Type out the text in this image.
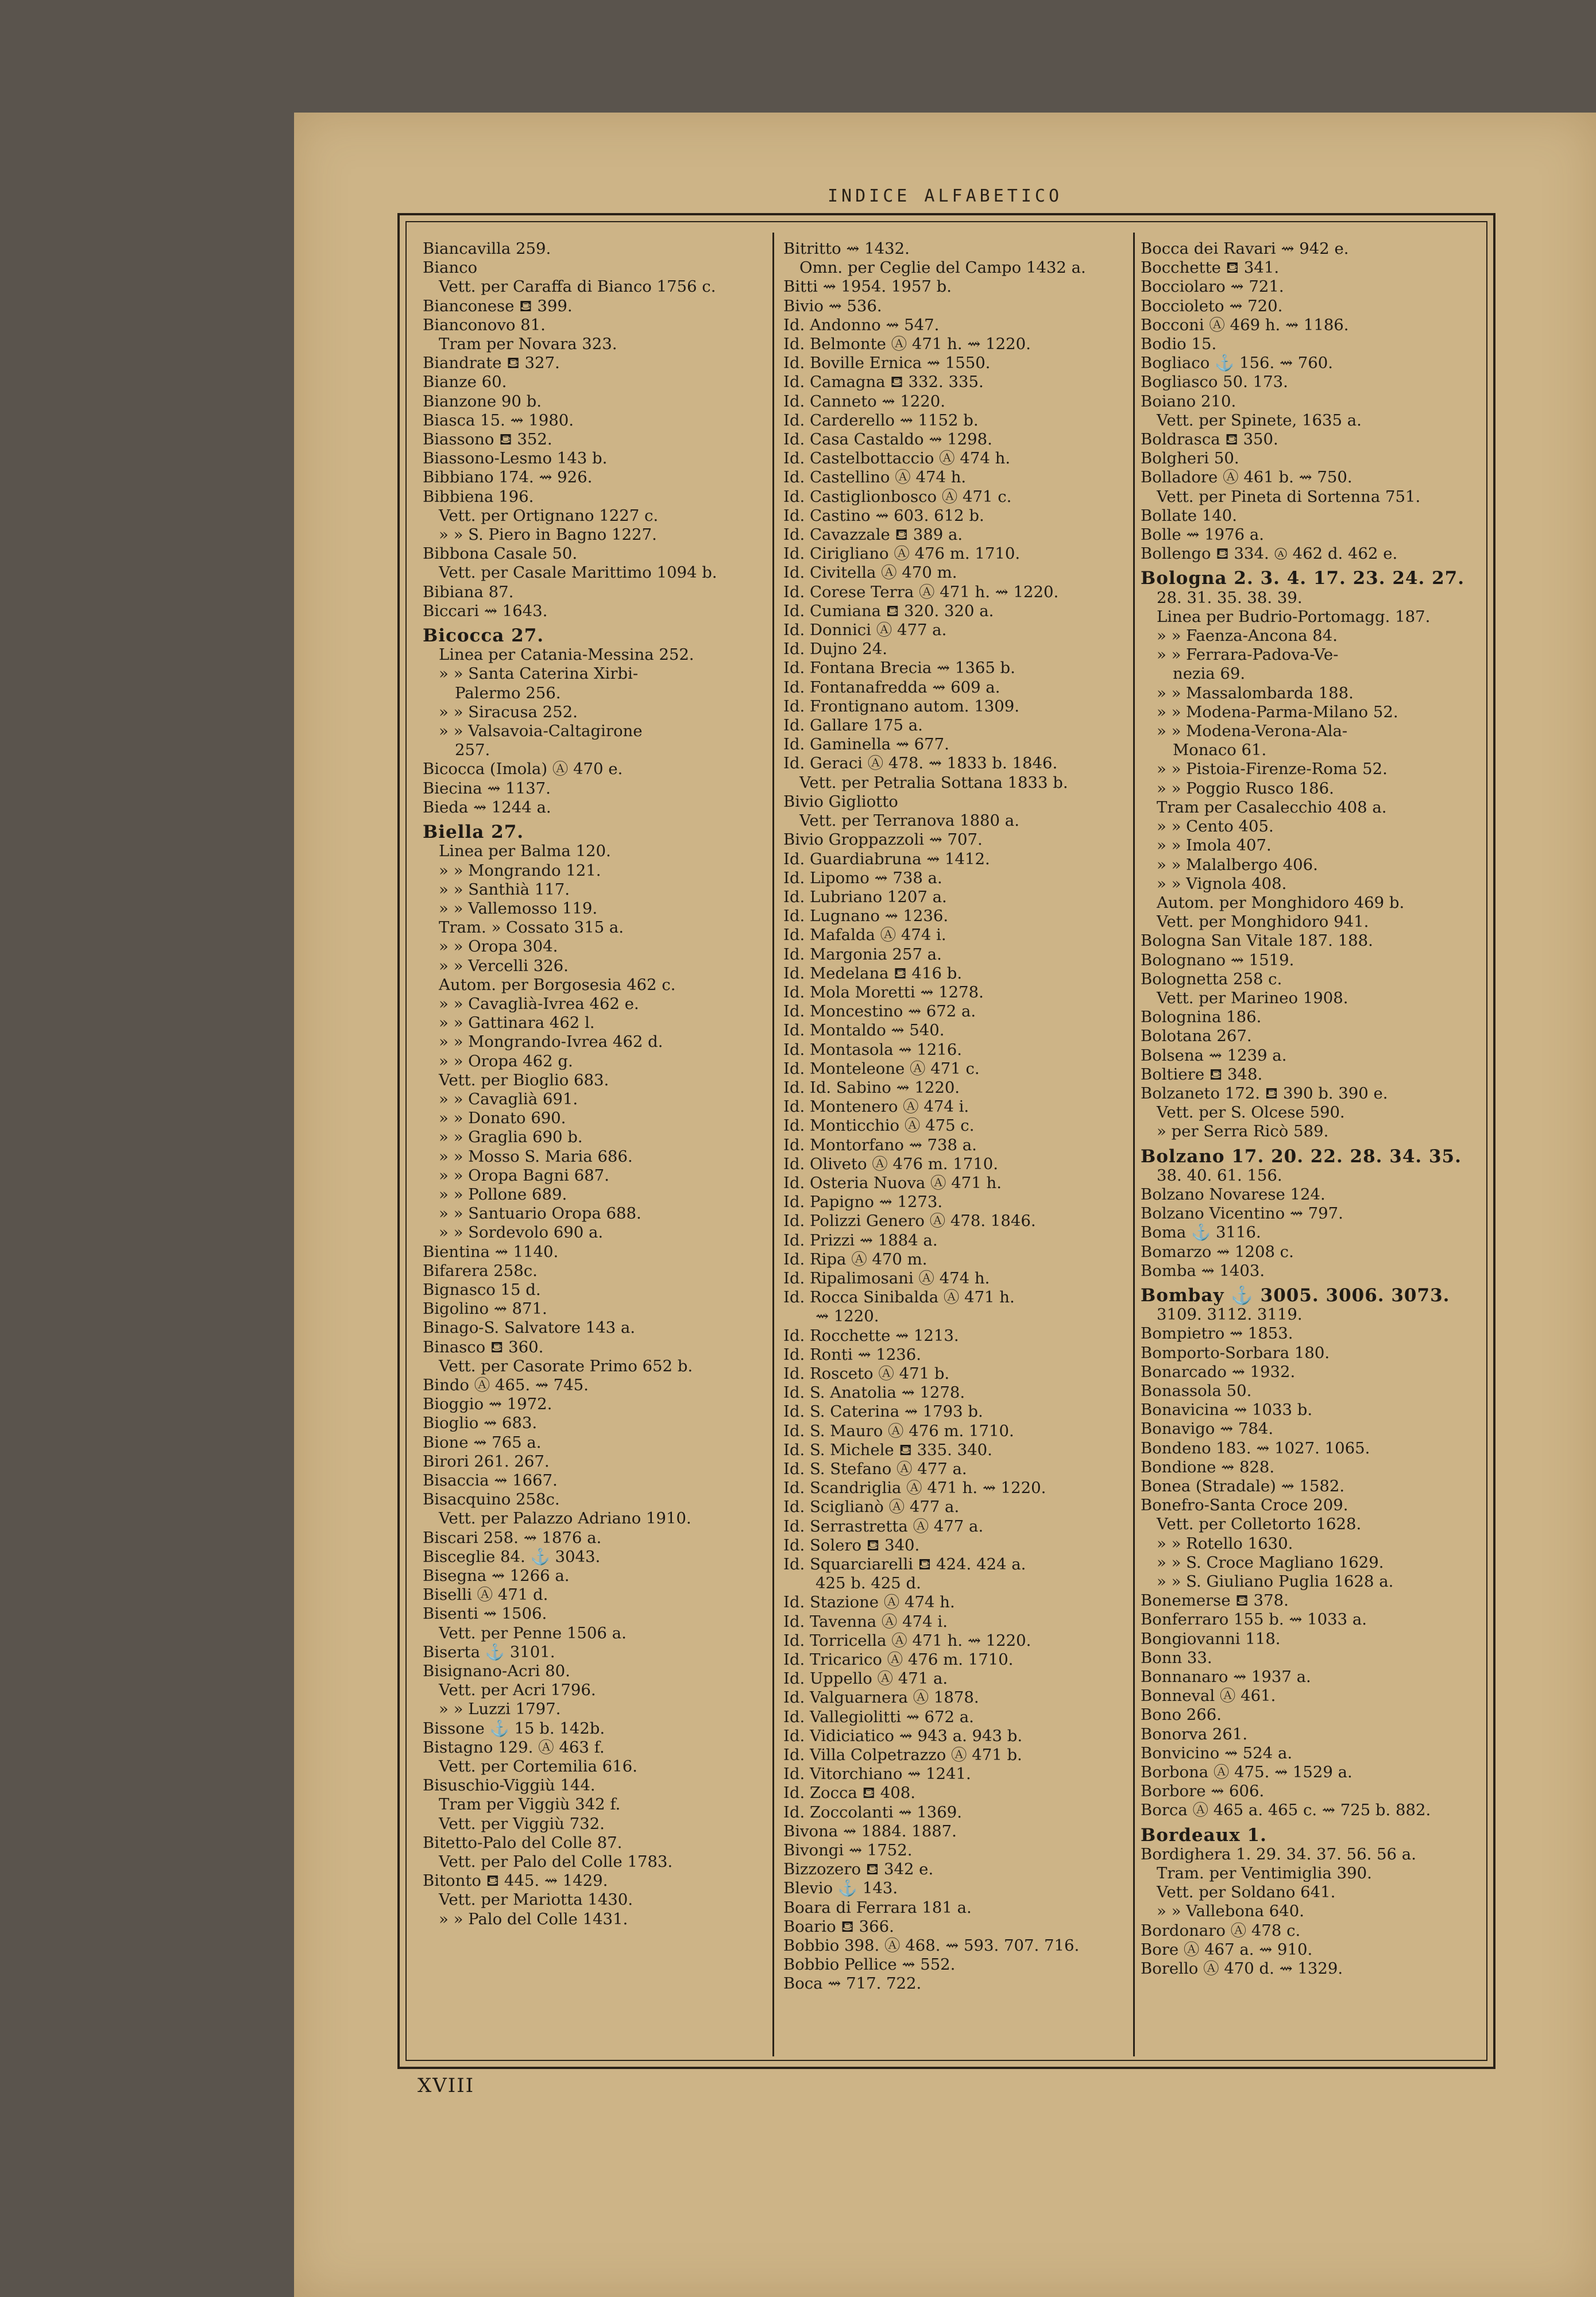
INDICE ALFABETICO
Biancavilla 259.
Bianco
Vett. per Caraffa di Bianco 1756 c.
Bianconese ⛾ 399.
Bianconovo 81.
Tram per Novara 323.
Biandrate ⛾ 327.
Bianze 60.
Bianzone 90 b.
Biasca 15. ⇝ 1980.
Biassono ⛾ 352.
Biassono-Lesmo 143 b.
Bibbiano 174. ⇝ 926.
Bibbiena 196.
Vett. per Ortignano 1227 c.
» » S. Piero in Bagno 1227.
Bibbona Casale 50.
Vett. per Casale Marittimo 1094 b.
Bibiana 87.
Biccari ⇝ 1643.
Bicocca 27.
Linea per Catania-Messina 252.
» » Santa Caterina Xirbi-
Palermo 256.
» » Siracusa 252.
» » Valsavoia-Caltagirone
257.
Bicocca (Imola) Ⓐ 470 e.
Biecina ⇝ 1137.
Bieda ⇝ 1244 a.
Biella 27.
Linea per Balma 120.
» » Mongrando 121.
» » Santhià 117.
» » Vallemosso 119.
Tram. » Cossato 315 a.
» » Oropa 304.
» » Vercelli 326.
Autom. per Borgosesia 462 c.
» » Cavaglià-Ivrea 462 e.
» » Gattinara 462 l.
» » Mongrando-Ivrea 462 d.
» » Oropa 462 g.
Vett. per Bioglio 683.
» » Cavaglià 691.
» » Donato 690.
» » Graglia 690 b.
» » Mosso S. Maria 686.
» » Oropa Bagni 687.
» » Pollone 689.
» » Santuario Oropa 688.
» » Sordevolo 690 a.
Bientina ⇝ 1140.
Bifarera 258c.
Bignasco 15 d.
Bigolino ⇝ 871.
Binago-S. Salvatore 143 a.
Binasco ⛾ 360.
Vett. per Casorate Primo 652 b.
Bindo Ⓐ 465. ⇝ 745.
Bioggio ⇝ 1972.
Bioglio ⇝ 683.
Bione ⇝ 765 a.
Birori 261. 267.
Bisaccia ⇝ 1667.
Bisacquino 258c.
Vett. per Palazzo Adriano 1910.
Biscari 258. ⇝ 1876 a.
Bisceglie 84. ⚓ 3043.
Bisegna ⇝ 1266 a.
Biselli Ⓐ 471 d.
Bisenti ⇝ 1506.
Vett. per Penne 1506 a.
Biserta ⚓ 3101.
Bisignano-Acri 80.
Vett. per Acri 1796.
» » Luzzi 1797.
Bissone ⚓ 15 b. 142b.
Bistagno 129. Ⓐ 463 f.
Vett. per Cortemilia 616.
Bisuschio-Viggiù 144.
Tram per Viggiù 342 f.
Vett. per Viggiù 732.
Bitetto-Palo del Colle 87.
Vett. per Palo del Colle 1783.
Bitonto ⛾ 445. ⇝ 1429.
Vett. per Mariotta 1430.
» » Palo del Colle 1431.
Bitritto ⇝ 1432.
Omn. per Ceglie del Campo 1432 a.
Bitti ⇝ 1954. 1957 b.
Bivio ⇝ 536.
Id. Andonno ⇝ 547.
Id. Belmonte Ⓐ 471 h. ⇝ 1220.
Id. Boville Ernica ⇝ 1550.
Id. Camagna ⛾ 332. 335.
Id. Canneto ⇝ 1220.
Id. Carderello ⇝ 1152 b.
Id. Casa Castaldo ⇝ 1298.
Id. Castelbottaccio Ⓐ 474 h.
Id. Castellino Ⓐ 474 h.
Id. Castiglionbosco Ⓐ 471 c.
Id. Castino ⇝ 603. 612 b.
Id. Cavazzale ⛾ 389 a.
Id. Cirigliano Ⓐ 476 m. 1710.
Id. Civitella Ⓐ 470 m.
Id. Corese Terra Ⓐ 471 h. ⇝ 1220.
Id. Cumiana ⛾ 320. 320 a.
Id. Donnici Ⓐ 477 a.
Id. Dujno 24.
Id. Fontana Brecia ⇝ 1365 b.
Id. Fontanafredda ⇝ 609 a.
Id. Frontignano autom. 1309.
Id. Gallare 175 a.
Id. Gaminella ⇝ 677.
Id. Geraci Ⓐ 478. ⇝ 1833 b. 1846.
Vett. per Petralia Sottana 1833 b.
Bivio Gigliotto
Vett. per Terranova 1880 a.
Bivio Groppazzoli ⇝ 707.
Id. Guardiabruna ⇝ 1412.
Id. Lipomo ⇝ 738 a.
Id. Lubriano 1207 a.
Id. Lugnano ⇝ 1236.
Id. Mafalda Ⓐ 474 i.
Id. Margonia 257 a.
Id. Medelana ⛾ 416 b.
Id. Mola Moretti ⇝ 1278.
Id. Moncestino ⇝ 672 a.
Id. Montaldo ⇝ 540.
Id. Montasola ⇝ 1216.
Id. Monteleone Ⓐ 471 c.
Id. Id. Sabino ⇝ 1220.
Id. Montenero Ⓐ 474 i.
Id. Monticchio Ⓐ 475 c.
Id. Montorfano ⇝ 738 a.
Id. Oliveto Ⓐ 476 m. 1710.
Id. Osteria Nuova Ⓐ 471 h.
Id. Papigno ⇝ 1273.
Id. Polizzi Genero Ⓐ 478. 1846.
Id. Prizzi ⇝ 1884 a.
Id. Ripa Ⓐ 470 m.
Id. Ripalimosani Ⓐ 474 h.
Id. Rocca Sinibalda Ⓐ 471 h.
⇝ 1220.
Id. Rocchette ⇝ 1213.
Id. Ronti ⇝ 1236.
Id. Rosceto Ⓐ 471 b.
Id. S. Anatolia ⇝ 1278.
Id. S. Caterina ⇝ 1793 b.
Id. S. Mauro Ⓐ 476 m. 1710.
Id. S. Michele ⛾ 335. 340.
Id. S. Stefano Ⓐ 477 a.
Id. Scandriglia Ⓐ 471 h. ⇝ 1220.
Id. Sciglianò Ⓐ 477 a.
Id. Serrastretta Ⓐ 477 a.
Id. Solero ⛾ 340.
Id. Squarciarelli ⛾ 424. 424 a.
425 b. 425 d.
Id. Stazione Ⓐ 474 h.
Id. Tavenna Ⓐ 474 i.
Id. Torricella Ⓐ 471 h. ⇝ 1220.
Id. Tricarico Ⓐ 476 m. 1710.
Id. Uppello Ⓐ 471 a.
Id. Valguarnera Ⓐ 1878.
Id. Vallegiolitti ⇝ 672 a.
Id. Vidiciatico ⇝ 943 a. 943 b.
Id. Villa Colpetrazzo Ⓐ 471 b.
Id. Vitorchiano ⇝ 1241.
Id. Zocca ⛾ 408.
Id. Zoccolanti ⇝ 1369.
Bivona ⇝ 1884. 1887.
Bivongi ⇝ 1752.
Bizzozero ⛾ 342 e.
Blevio ⚓ 143.
Boara di Ferrara 181 a.
Boario ⛾ 366.
Bobbio 398. Ⓐ 468. ⇝ 593. 707. 716.
Bobbio Pellice ⇝ 552.
Boca ⇝ 717. 722.
Bocca dei Ravari ⇝ 942 e.
Bocchette ⛾ 341.
Bocciolaro ⇝ 721.
Boccioleto ⇝ 720.
Bocconi Ⓐ 469 h. ⇝ 1186.
Bodio 15.
Bogliaco ⚓ 156. ⇝ 760.
Bogliasco 50. 173.
Boiano 210.
Vett. per Spinete, 1635 a.
Boldrasca ⛾ 350.
Bolgheri 50.
Bolladore Ⓐ 461 b. ⇝ 750.
Vett. per Pineta di Sortenna 751.
Bollate 140.
Bolle ⇝ 1976 a.
Bollengo ⛾ 334. Ⓐ 462 d. 462 e.
Bologna 2. 3. 4. 17. 23. 24. 27.
28. 31. 35. 38. 39.
Linea per Budrio-Portomagg. 187.
» » Faenza-Ancona 84.
» » Ferrara-Padova-Ve-
nezia 69.
» » Massalombarda 188.
» » Modena-Parma-Milano 52.
» » Modena-Verona-Ala-
Monaco 61.
» » Pistoia-Firenze-Roma 52.
» » Poggio Rusco 186.
Tram per Casalecchio 408 a.
» » Cento 405.
» » Imola 407.
» » Malalbergo 406.
» » Vignola 408.
Autom. per Monghidoro 469 b.
Vett. per Monghidoro 941.
Bologna San Vitale 187. 188.
Bolognano ⇝ 1519.
Bolognetta 258 c.
Vett. per Marineo 1908.
Bolognina 186.
Bolotana 267.
Bolsena ⇝ 1239 a.
Boltiere ⛾ 348.
Bolzaneto 172. ⛾ 390 b. 390 e.
Vett. per S. Olcese 590.
» per Serra Ricò 589.
Bolzano 17. 20. 22. 28. 34. 35.
38. 40. 61. 156.
Bolzano Novarese 124.
Bolzano Vicentino ⇝ 797.
Boma ⚓ 3116.
Bomarzo ⇝ 1208 c.
Bomba ⇝ 1403.
Bombay ⚓ 3005. 3006. 3073.
3109. 3112. 3119.
Bompietro ⇝ 1853.
Bomporto-Sorbara 180.
Bonarcado ⇝ 1932.
Bonassola 50.
Bonavicina ⇝ 1033 b.
Bonavigo ⇝ 784.
Bondeno 183. ⇝ 1027. 1065.
Bondione ⇝ 828.
Bonea (Stradale) ⇝ 1582.
Bonefro-Santa Croce 209.
Vett. per Colletorto 1628.
» » Rotello 1630.
» » S. Croce Magliano 1629.
» » S. Giuliano Puglia 1628 a.
Bonemerse ⛾ 378.
Bonferraro 155 b. ⇝ 1033 a.
Bongiovanni 118.
Bonn 33.
Bonnanaro ⇝ 1937 a.
Bonneval Ⓐ 461.
Bono 266.
Bonorva 261.
Bonvicino ⇝ 524 a.
Borbona Ⓐ 475. ⇝ 1529 a.
Borbore ⇝ 606.
Borca Ⓐ 465 a. 465 c. ⇝ 725 b. 882.
Bordeaux 1.
Bordighera 1. 29. 34. 37. 56. 56 a.
Tram. per Ventimiglia 390.
Vett. per Soldano 641.
» » Vallebona 640.
Bordonaro Ⓐ 478 c.
Bore Ⓐ 467 a. ⇝ 910.
Borello Ⓐ 470 d. ⇝ 1329.
XVIII
